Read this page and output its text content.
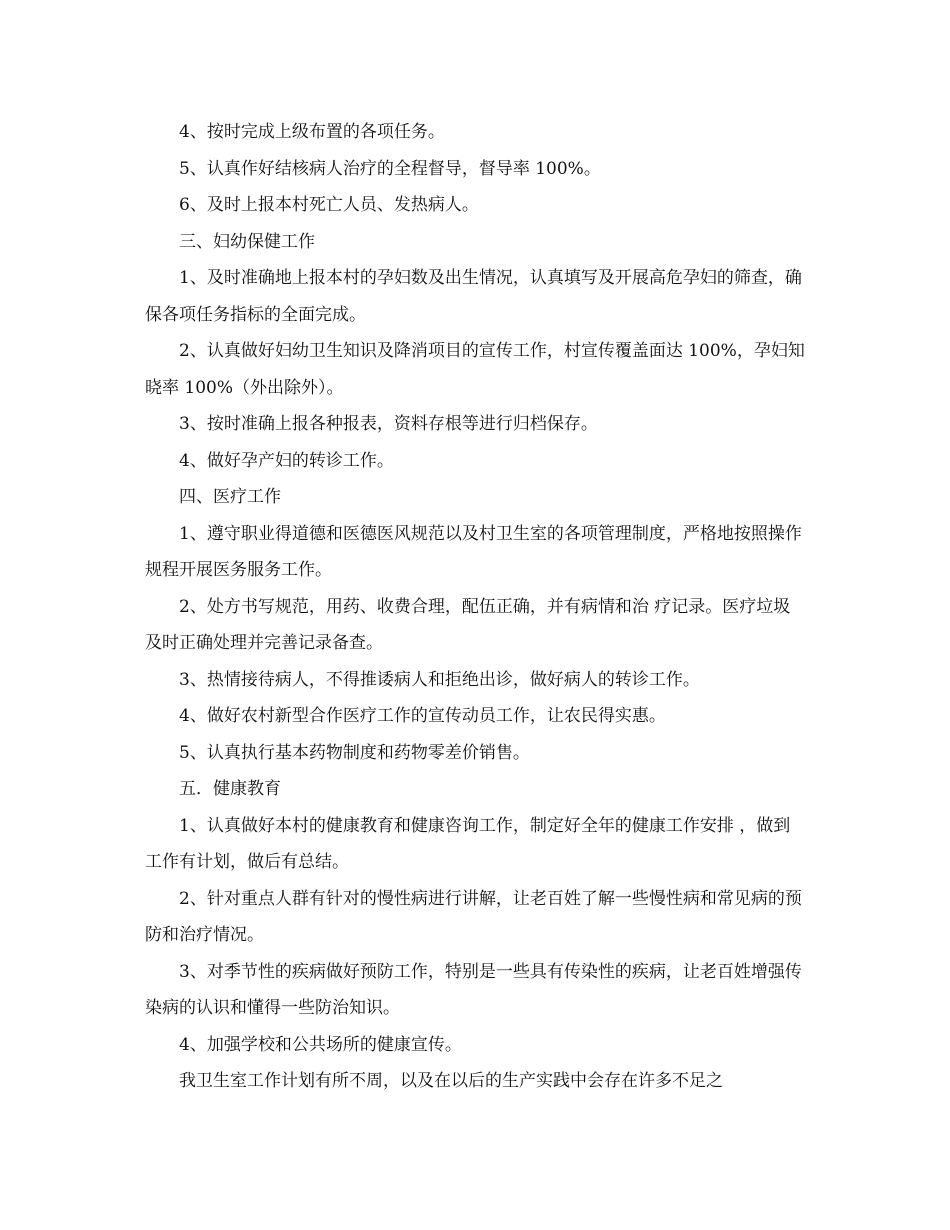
4、按时完成上级布置的各项任务。

5、认真作好结核病人治疗的全程督导，督导率 100%。

6、及时上报本村死亡人员、发热病人。

三、妇幼保健工作

1、及时准确地上报本村的孕妇数及出生情况，认真填写及开展高危孕妇的筛查，确保各项任务指标的全面完成。

2、认真做好妇幼卫生知识及降消项目的宣传工作，村宣传覆盖面达 100%，孕妇知晓率 100%（外出除外）。

3、按时准确上报各种报表，资料存根等进行归档保存。

4、做好孕产妇的转诊工作。

四、医疗工作

1、遵守职业得道德和医德医风规范以及村卫生室的各项管理制度，严格地按照操作规程开展医务服务工作。

2、处方书写规范，用药、收费合理，配伍正确，并有病情和治 疗记录。医疗垃圾及时正确处理并完善记录备查。

3、热情接待病人，不得推诿病人和拒绝出诊，做好病人的转诊工作。

4、做好农村新型合作医疗工作的宣传动员工作，让农民得实惠。

5、认真执行基本药物制度和药物零差价销售。

五．健康教育

1、认真做好本村的健康教育和健康咨询工作，制定好全年的健康工作安排 ，做到工作有计划，做后有总结。

2、针对重点人群有针对的慢性病进行讲解，让老百姓了解一些慢性病和常见病的预防和治疗情况。

3、对季节性的疾病做好预防工作，特别是一些具有传染性的疾病，让老百姓增强传染病的认识和懂得一些防治知识。

4、加强学校和公共场所的健康宣传。

我卫生室工作计划有所不周，以及在以后的生产实践中会存在许多不足之
